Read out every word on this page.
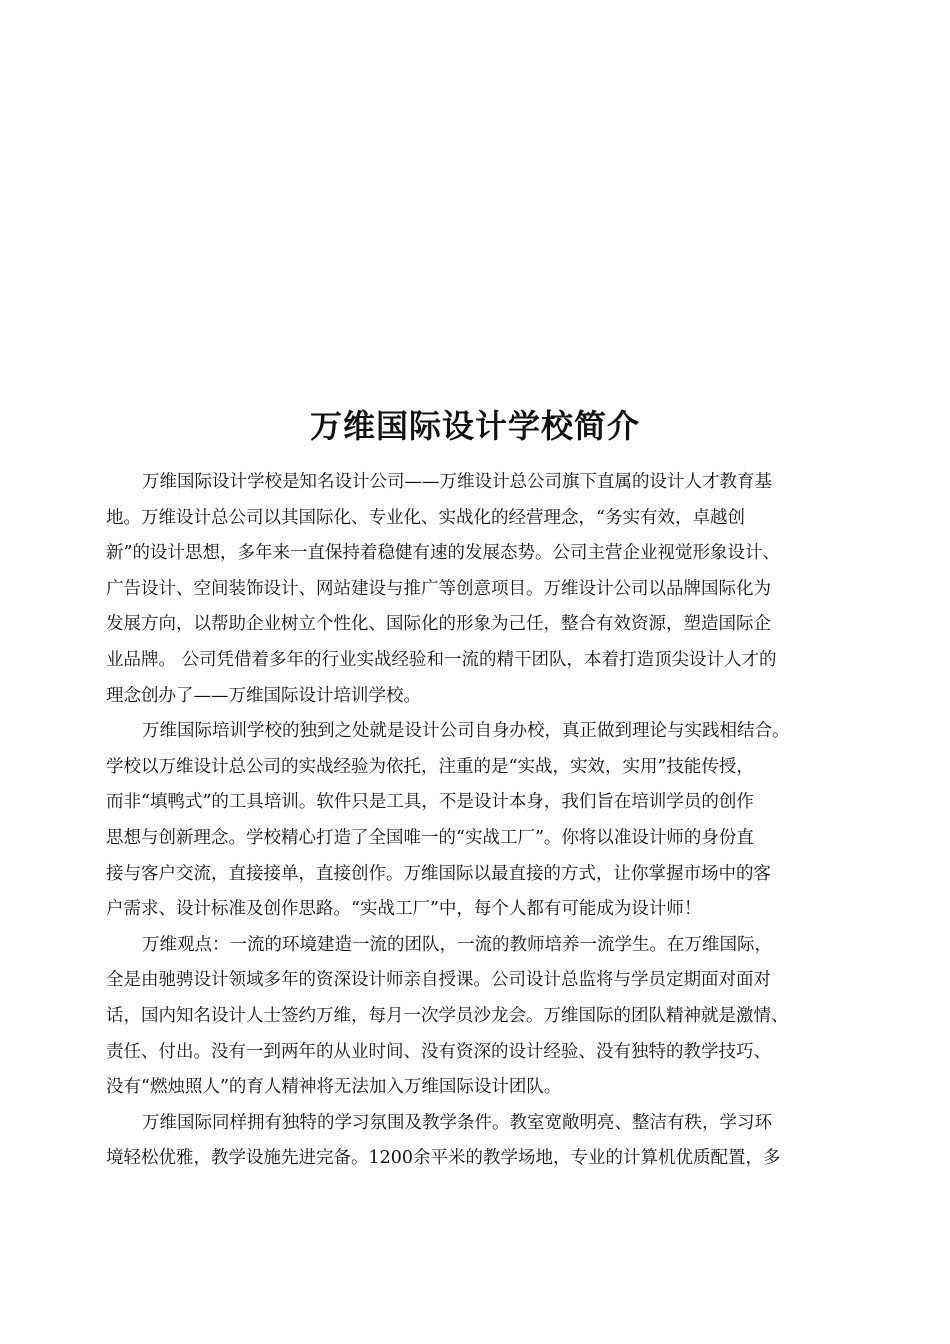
万维国际设计学校简介
万维国际设计学校是知名设计公司——万维设计总公司旗下直属的设计人才教育基
地。万维设计总公司以其国际化、专业化、实战化的经营理念，“务实有效，卓越创
新”的设计思想，多年来一直保持着稳健有速的发展态势。公司主营企业视觉形象设计、
广告设计、空间装饰设计、网站建设与推广等创意项目。万维设计公司以品牌国际化为
发展方向，以帮助企业树立个性化、国际化的形象为己任，整合有效资源，塑造国际企
业品牌。 公司凭借着多年的行业实战经验和一流的精干团队，本着打造顶尖设计人才的
理念创办了——万维国际设计培训学校。
万维国际培训学校的独到之处就是设计公司自身办校，真正做到理论与实践相结合。
学校以万维设计总公司的实战经验为依托，注重的是“实战，实效，实用”技能传授，
而非“填鸭式”的工具培训。软件只是工具，不是设计本身，我们旨在培训学员的创作
思想与创新理念。学校精心打造了全国唯一的“实战工厂”。你将以准设计师的身份直
接与客户交流，直接接单，直接创作。万维国际以最直接的方式，让你掌握市场中的客
户需求、设计标准及创作思路。“实战工厂”中，每个人都有可能成为设计师！
万维观点：一流的环境建造一流的团队，一流的教师培养一流学生。在万维国际，
全是由驰骋设计领域多年的资深设计师亲自授课。公司设计总监将与学员定期面对面对
话，国内知名设计人士签约万维，每月一次学员沙龙会。万维国际的团队精神就是激情、
责任、付出。没有一到两年的从业时间、没有资深的设计经验、没有独特的教学技巧、
没有“燃烛照人”的育人精神将无法加入万维国际设计团队。
万维国际同样拥有独特的学习氛围及教学条件。教室宽敞明亮、整洁有秩，学习环
境轻松优雅，教学设施先进完备。1200余平米的教学场地，专业的计算机优质配置，多
